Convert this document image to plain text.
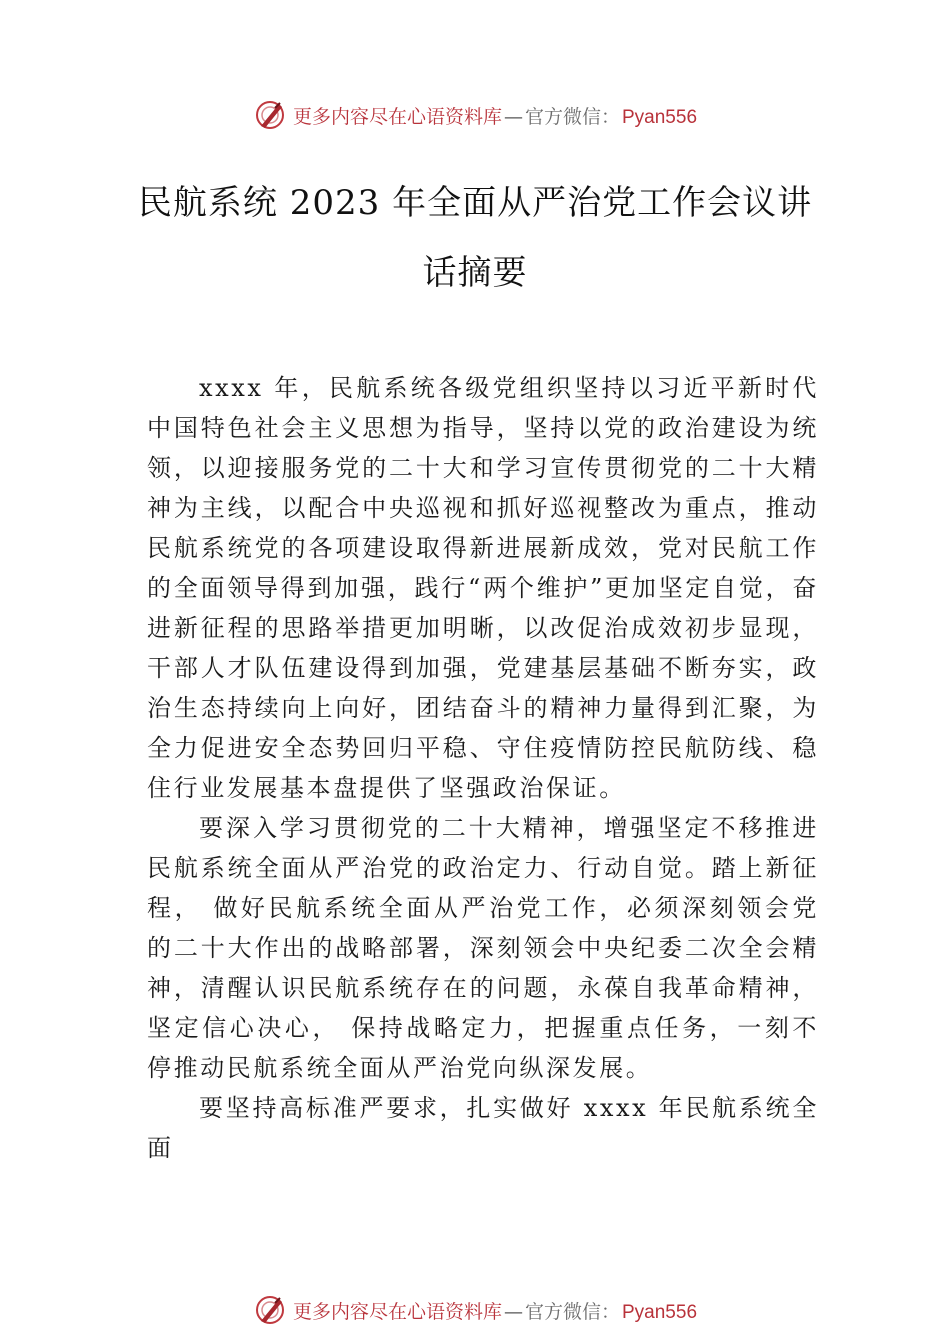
更多内容尽在心语资料库 — 官方微信： Pyan556
民航系统 2023 年全面从严治党工作会议讲话摘要

xxxx 年，民航系统各级党组织坚持以习近平新时代中国特色社会主义思想为指导，坚持以党的政治建设为统领，以迎接服务党的二十大和学习宣传贯彻党的二十大精神为主线，以配合中央巡视和抓好巡视整改为重点，推动民航系统党的各项建设取得新进展新成效，党对民航工作的全面领导得到加强，践行“两个维护”更加坚定自觉，奋进新征程的思路举措更加明晰，以改促治成效初步显现，干部人才队伍建设得到加强，党建基层基础不断夯实，政治生态持续向上向好，团结奋斗的精神力量得到汇聚，为全力促进安全态势回归平稳、守住疫情防控民航防线、稳住行业发展基本盘提供了坚强政治保证。

要深入学习贯彻党的二十大精神，增强坚定不移推进民航系统全面从严治党的政治定力、行动自觉。踏上新征程， 做好民航系统全面从严治党工作，必须深刻领会党的二十大作出的战略部署，深刻领会中央纪委二次全会精神，清醒认识民航系统存在的问题，永葆自我革命精神，坚定信心决心， 保持战略定力，把握重点任务，一刻不停推动民航系统全面从严治党向纵深发展。

要坚持高标准严要求，扎实做好 xxxx 年民航系统全面

更多内容尽在心语资料库 — 官方微信： Pyan556
